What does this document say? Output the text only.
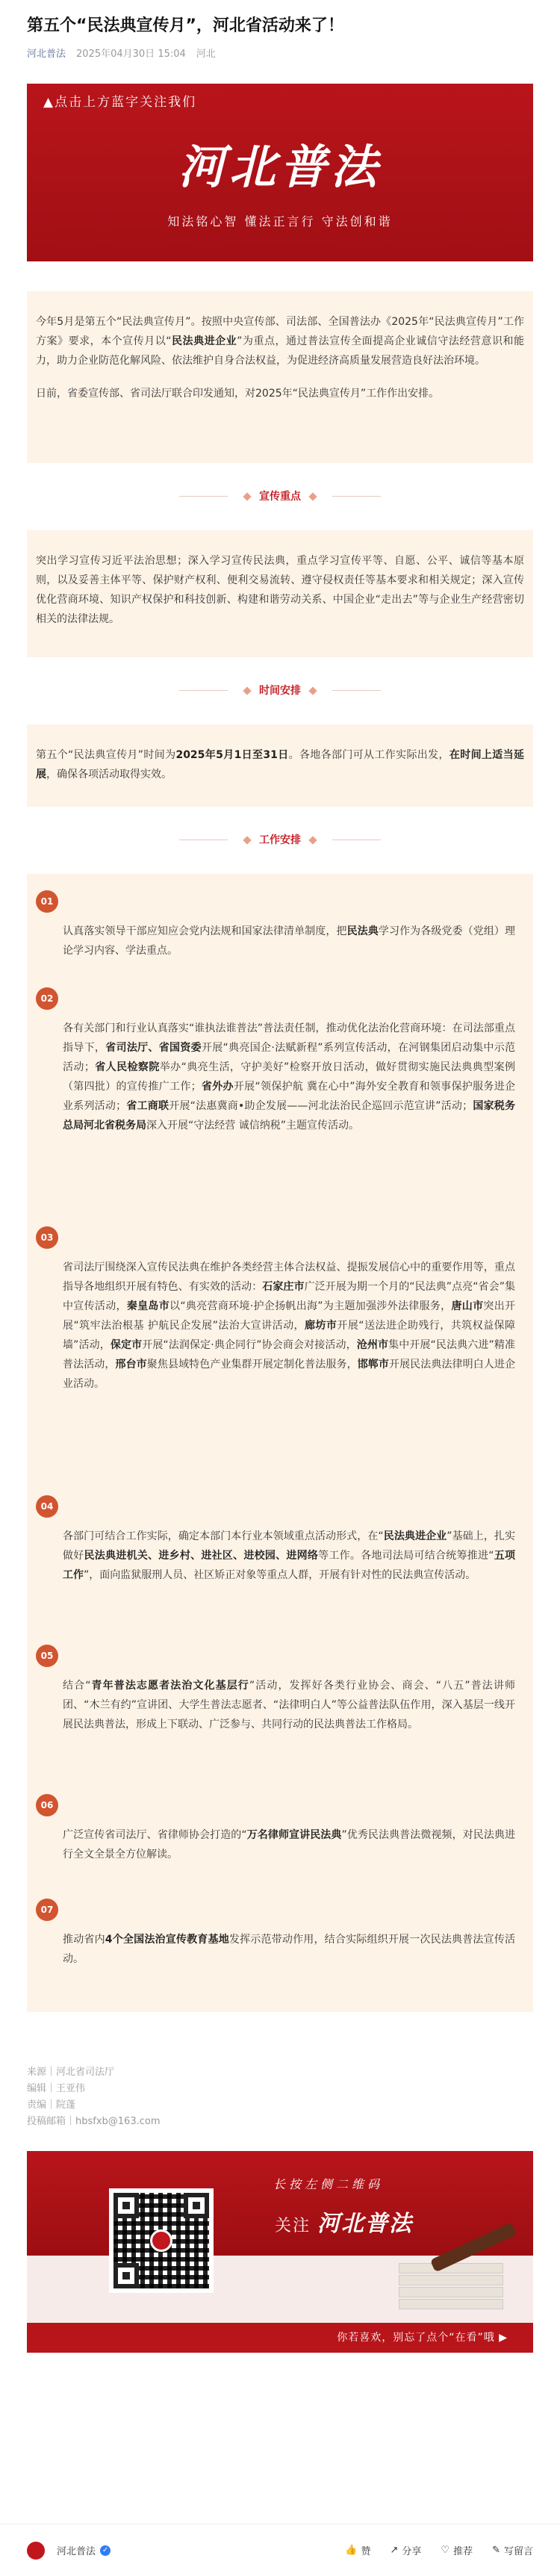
第五个“民法典宣传月”，河北省活动来了！
河北普法 2025年04月30日 15:04 河北
▲点击上方蓝字关注我们
河北普法
知法铭心智 懂法正言行 守法创和谐

今年5月是第五个“民法典宣传月”。按照中央宣传部、司法部、全国普法办《2025年“民法典宣传月”工作方案》要求，本个宣传月以“民法典进企业”为重点，通过普法宣传全面提高企业诚信守法经营意识和能力，助力企业防范化解风险、依法维护自身合法权益，为促进经济高质量发展营造良好法治环境。

日前，省委宣传部、省司法厅联合印发通知，对2025年“民法典宣传月”工作作出安排。

宣传重点

突出学习宣传习近平法治思想；深入学习宣传民法典，重点学习宣传平等、自愿、公平、诚信等基本原则，以及妥善主体平等、保护财产权利、便利交易流转、遵守侵权责任等基本要求和相关规定；深入宣传优化营商环境、知识产权保护和科技创新、构建和谐劳动关系、中国企业“走出去”等与企业生产经营密切相关的法律法规。

时间安排

第五个“民法典宣传月”时间为2025年5月1日至31日。各地各部门可从工作实际出发，在时间上适当延展，确保各项活动取得实效。

工作安排
01
认真落实领导干部应知应会党内法规和国家法律清单制度，把民法典学习作为各级党委（党组）理论学习内容、学法重点。
02
各有关部门和行业认真落实“谁执法谁普法”普法责任制，推动优化法治化营商环境：在司法部重点指导下，省司法厅、省国资委开展“典亮国企·法赋新程”系列宣传活动，在河钢集团启动集中示范活动；省人民检察院举办“典亮生活，守护美好”检察开放日活动，做好贯彻实施民法典典型案例（第四批）的宣传推广工作；省外办开展“领保护航 冀在心中”海外安全教育和领事保护服务进企业系列活动；省工商联开展“法惠冀商•助企发展——河北法治民企巡回示范宣讲”活动；国家税务总局河北省税务局深入开展“守法经营 诚信纳税”主题宣传活动。
03
省司法厅围绕深入宣传民法典在维护各类经营主体合法权益、提振发展信心中的重要作用等，重点指导各地组织开展有特色、有实效的活动：石家庄市广泛开展为期一个月的“民法典”点亮“省会”集中宣传活动，秦皇岛市以“典亮营商环境·护企扬帆出海”为主题加强涉外法律服务，唐山市突出开展“筑牢法治根基 护航民企发展”法治大宣讲活动，廊坊市开展“送法进企助残行，共筑权益保障墙”活动，保定市开展“法润保定·典企同行”协会商会对接活动，沧州市集中开展“民法典六进”精准普法活动，邢台市聚焦县域特色产业集群开展定制化普法服务，邯郸市开展民法典法律明白人进企业活动。
04
各部门可结合工作实际，确定本部门本行业本领域重点活动形式，在“民法典进企业”基础上，扎实做好民法典进机关、进乡村、进社区、进校园、进网络等工作。各地司法局可结合统筹推进“五项工作”，面向监狱服刑人员、社区矫正对象等重点人群，开展有针对性的民法典宣传活动。
05
结合“青年普法志愿者法治文化基层行”活动，发挥好各类行业协会、商会、“八五”普法讲师团、“木兰有约”宣讲团、大学生普法志愿者、“法律明白人”等公益普法队伍作用，深入基层一线开展民法典普法，形成上下联动、广泛参与、共同行动的民法典普法工作格局。
06
广泛宣传省司法厅、省律师协会打造的“万名律师宣讲民法典”优秀民法典普法微视频，对民法典进行全文全景全方位解读。
07
推动省内4个全国法治宣传教育基地发挥示范带动作用，结合实际组织开展一次民法典普法宣传活动。
来源｜河北省司法厅
编辑｜王亚伟
责编｜院蓬
投稿邮箱｜hbsfxb@163.com
长按左侧二维码
关注 河北普法
你若喜欢，别忘了点个“在看”哦 ▶
河北普法 ✓	👍 赞 ↗ 分享 ♡ 推荐 ✎ 写留言
